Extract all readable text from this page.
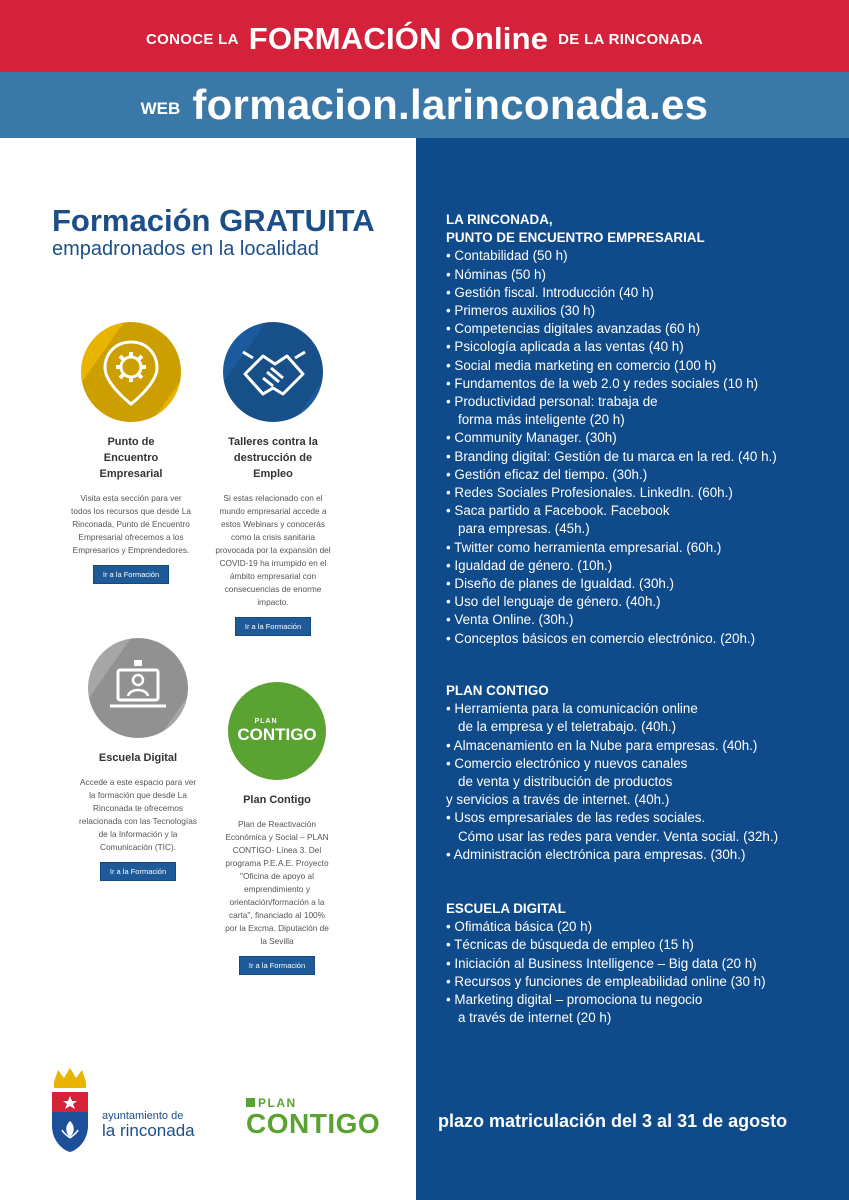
CONOCE LA FORMACIÓN Online DE LA RINCONADA
WEB formacion.larinconada.es
Formación GRATUITA
empadronados en la localidad
Punto de Encuentro Empresarial
Visita esta sección para ver todos los recursos que desde La Rinconada, Punto de Encuentro Empresarial ofrecemos a los Empresarios y Emprendedores.
Ir a la Formación
Talleres contra la destrucción de Empleo
Si estas relacionado con el mundo empresarial accede a estos Webinars y conocerás como la crisis sanitaria provocada por la expansión del COVID-19 ha irrumpido en el ámbito empresarial con consecuencias de enorme impacto.
Ir a la Formación
Escuela Digital
Accede a este espacio para ver la formación que desde La Rinconada te ofrecemos relacionada con las Tecnologías de la Información y la Comunicación (TIC).
Ir a la Formación
PLAN
CONTIGO
Plan Contigo
Plan de Reactivación Económica y Social – PLAN CONTIGO- Línea 3. Del programa P.E.A.E. Proyecto "Oficina de apoyo al emprendimiento y orientación/formación a la carta", financiado al 100% por la Excma. Diputación de la Sevilla
Ir a la Formación
ayuntamiento de
la rinconada
PLAN
CONTIGO
LA RINCONADA,
PUNTO DE ENCUENTRO EMPRESARIAL
• Contabilidad (50 h)
• Nóminas (50 h)
• Gestión fiscal. Introducción (40 h)
• Primeros auxilios (30 h)
• Competencias digitales avanzadas (60 h)
• Psicología aplicada a las ventas (40 h)
• Social media marketing en comercio (100 h)
• Fundamentos de la web 2.0 y redes sociales (10 h)
• Productividad personal: trabaja de
forma más inteligente (20 h)
• Community Manager. (30h)
• Branding digital: Gestión de tu marca en la red. (40 h.)
• Gestión eficaz del tiempo. (30h.)
• Redes Sociales Profesionales. LinkedIn. (60h.)
• Saca partido a Facebook. Facebook
para empresas. (45h.)
• Twitter como herramienta empresarial. (60h.)
• Igualdad de género. (10h.)
• Diseño de planes de Igualdad. (30h.)
• Uso del lenguaje de género. (40h.)
• Venta Online. (30h.)
• Conceptos básicos en comercio electrónico. (20h.)
PLAN CONTIGO
• Herramienta para la comunicación online
de la empresa y el teletrabajo. (40h.)
• Almacenamiento en la Nube para empresas. (40h.)
• Comercio electrónico y nuevos canales
de venta y distribución de productos
y servicios a través de internet. (40h.)
• Usos empresariales de las redes sociales.
Cómo usar las redes para vender. Venta social. (32h.)
• Administración electrónica para empresas. (30h.)
ESCUELA DIGITAL
• Ofimática básica (20 h)
• Técnicas de búsqueda de empleo (15 h)
• Iniciación al Business Intelligence – Big data (20 h)
• Recursos y funciones de empleabilidad online (30 h)
• Marketing digital – promociona tu negocio
a través de internet (20 h)
plazo matriculación del 3 al 31 de agosto
